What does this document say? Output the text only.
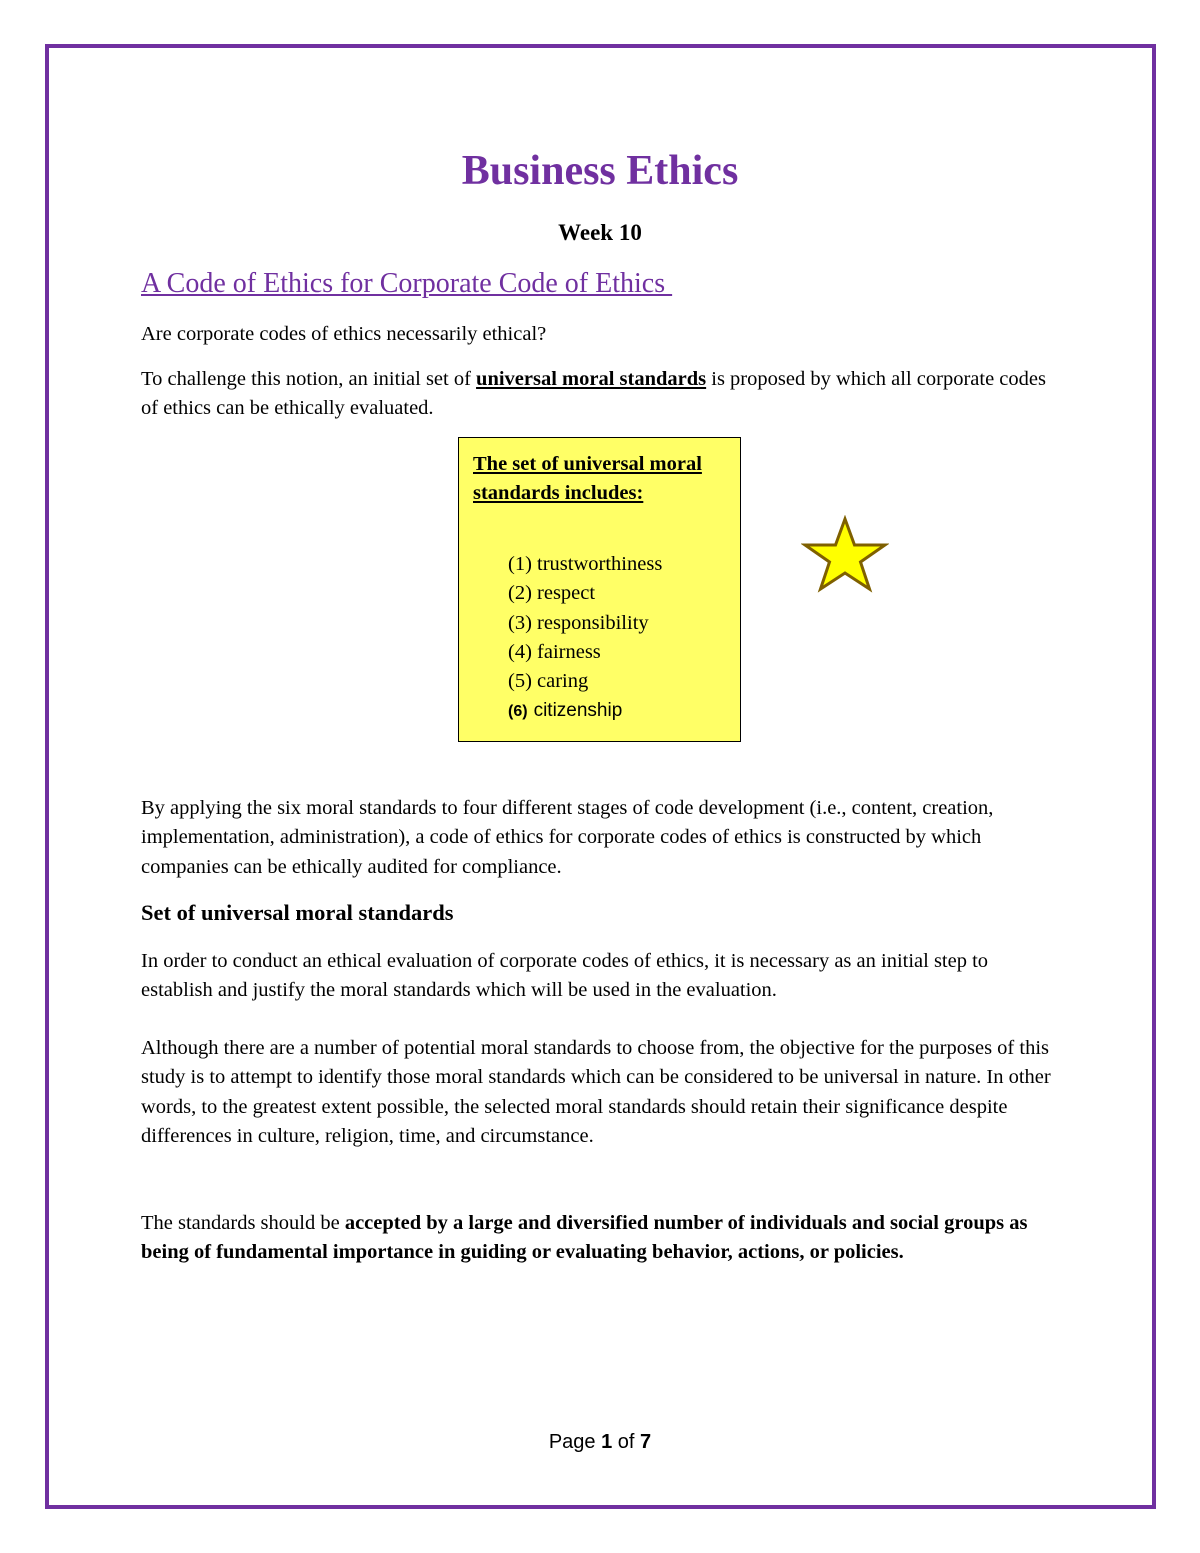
Business Ethics
Week 10
A Code of Ethics for Corporate Code of Ethics

Are corporate codes of ethics necessarily ethical?

To challenge this notion, an initial set of universal moral standards is proposed by which all corporate codes of ethics can be ethically evaluated.

The set of universal moral standards includes:
(1) trustworthiness
(2) respect
(3) responsibility
(4) fairness
(5) caring
(6) citizenship

By applying the six moral standards to four different stages of code development (i.e., content, creation, implementation, administration), a code of ethics for corporate codes of ethics is constructed by which companies can be ethically audited for compliance.

Set of universal moral standards

In order to conduct an ethical evaluation of corporate codes of ethics, it is necessary as an initial step to establish and justify the moral standards which will be used in the evaluation.

Although there are a number of potential moral standards to choose from, the objective for the purposes of this study is to attempt to identify those moral standards which can be considered to be universal in nature. In other words, to the greatest extent possible, the selected moral standards should retain their significance despite differences in culture, religion, time, and circumstance.

The standards should be accepted by a large and diversified number of individuals and social groups as being of fundamental importance in guiding or evaluating behavior, actions, or policies.

Page 1 of 7
